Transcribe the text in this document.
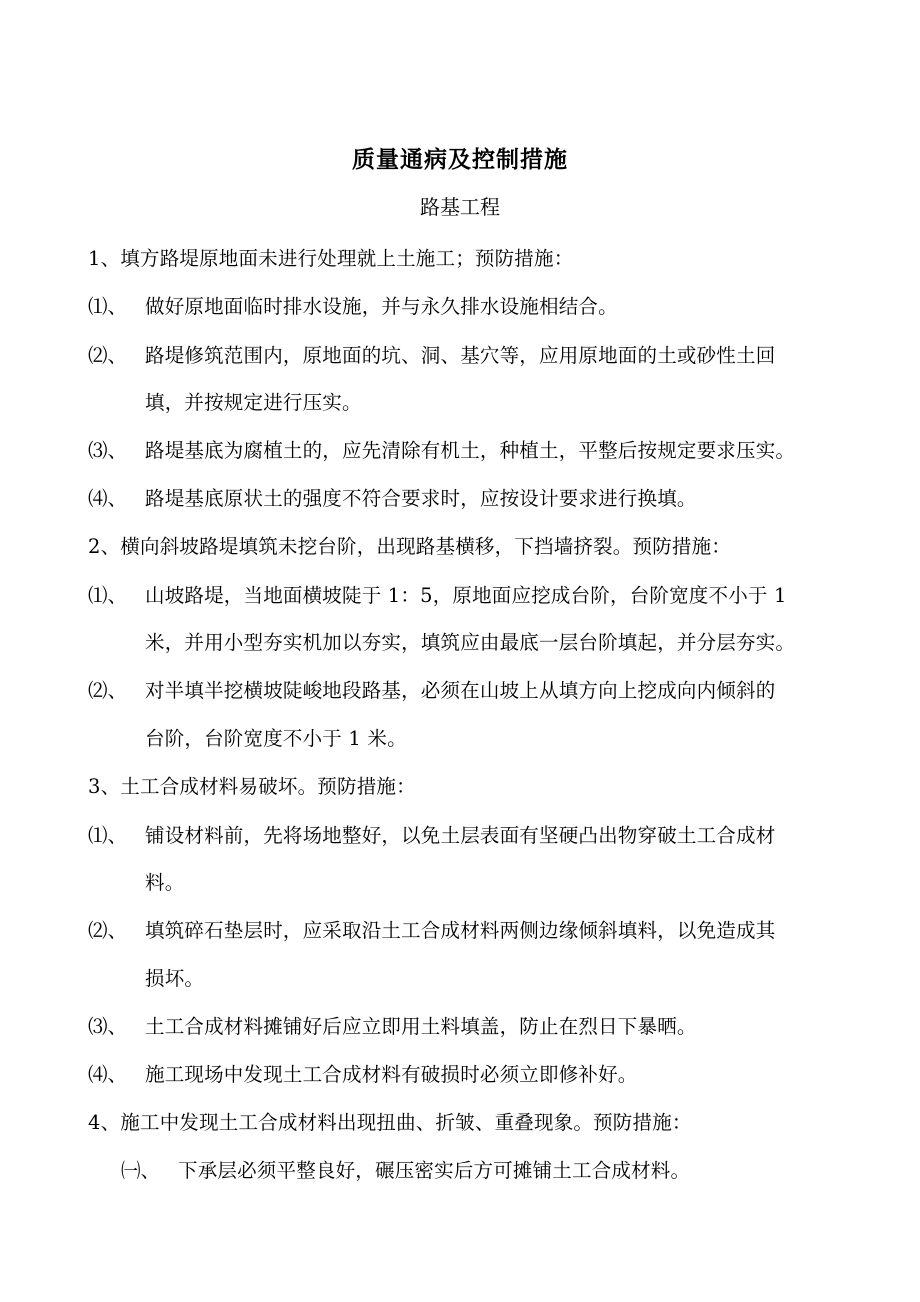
质量通病及控制措施
路基工程
1、填方路堤原地面未进行处理就上土施工；预防措施：
⑴、 做好原地面临时排水设施，并与永久排水设施相结合。
⑵、 路堤修筑范围内，原地面的坑、洞、基穴等，应用原地面的土或砂性土回
填，并按规定进行压实。
⑶、 路堤基底为腐植土的，应先清除有机土，种植土，平整后按规定要求压实。
⑷、 路堤基底原状土的强度不符合要求时，应按设计要求进行换填。
2、横向斜坡路堤填筑未挖台阶，出现路基横移，下挡墙挤裂。预防措施：
⑴、 山坡路堤，当地面横坡陡于 1：5，原地面应挖成台阶，台阶宽度不小于 1
米，并用小型夯实机加以夯实，填筑应由最底一层台阶填起，并分层夯实。
⑵、 对半填半挖横坡陡峻地段路基，必须在山坡上从填方向上挖成向内倾斜的
台阶，台阶宽度不小于 1 米。
3、土工合成材料易破坏。预防措施：
⑴、 铺设材料前，先将场地整好，以免土层表面有坚硬凸出物穿破土工合成材
料。
⑵、 填筑碎石垫层时，应采取沿土工合成材料两侧边缘倾斜填料，以免造成其
损坏。
⑶、 土工合成材料摊铺好后应立即用土料填盖，防止在烈日下暴晒。
⑷、 施工现场中发现土工合成材料有破损时必须立即修补好。
4、施工中发现土工合成材料出现扭曲、折皱、重叠现象。预防措施：
㈠、 下承层必须平整良好，碾压密实后方可摊铺土工合成材料。
